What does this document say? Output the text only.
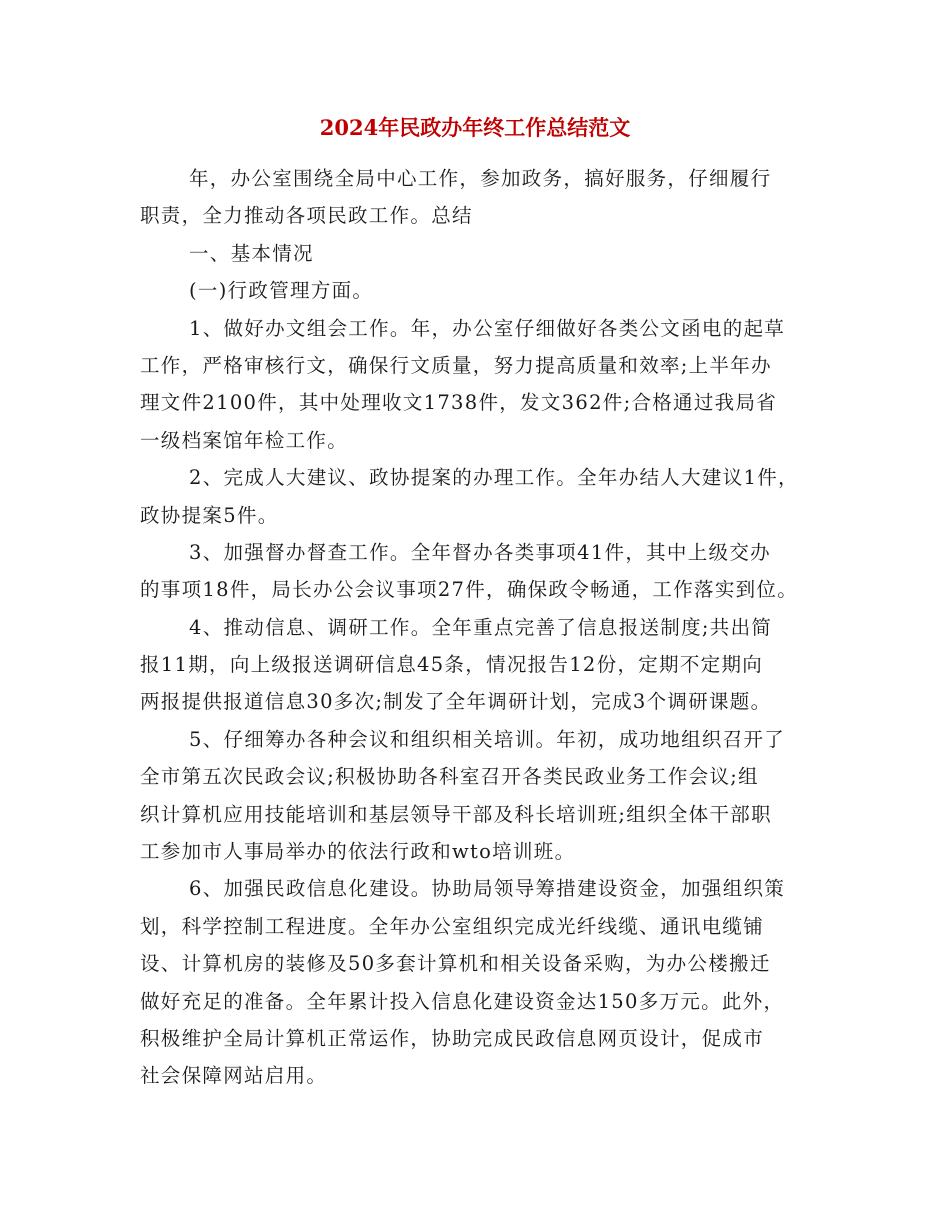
2024年民政办年终工作总结范文
年，办公室围绕全局中心工作，参加政务，搞好服务，仔细履行
职责，全力推动各项民政工作。总结
一、基本情况
(一)行政管理方面。
1、做好办文组会工作。年，办公室仔细做好各类公文函电的起草
工作，严格审核行文，确保行文质量，努力提高质量和效率;上半年办
理文件2100件，其中处理收文1738件，发文362件;合格通过我局省
一级档案馆年检工作。
2、完成人大建议、政协提案的办理工作。全年办结人大建议1件，
政协提案5件。
3、加强督办督查工作。全年督办各类事项41件，其中上级交办
的事项18件，局长办公会议事项27件，确保政令畅通，工作落实到位。
4、推动信息、调研工作。全年重点完善了信息报送制度;共出简
报11期，向上级报送调研信息45条，情况报告12份，定期不定期向
两报提供报道信息30多次;制发了全年调研计划，完成3个调研课题。
5、仔细筹办各种会议和组织相关培训。年初，成功地组织召开了
全市第五次民政会议;积极协助各科室召开各类民政业务工作会议;组
织计算机应用技能培训和基层领导干部及科长培训班;组织全体干部职
工参加市人事局举办的依法行政和wto培训班。
6、加强民政信息化建设。协助局领导筹措建设资金，加强组织策
划，科学控制工程进度。全年办公室组织完成光纤线缆、通讯电缆铺
设、计算机房的装修及50多套计算机和相关设备采购，为办公楼搬迁
做好充足的准备。全年累计投入信息化建设资金达150多万元。此外，
积极维护全局计算机正常运作，协助完成民政信息网页设计，促成市
社会保障网站启用。
